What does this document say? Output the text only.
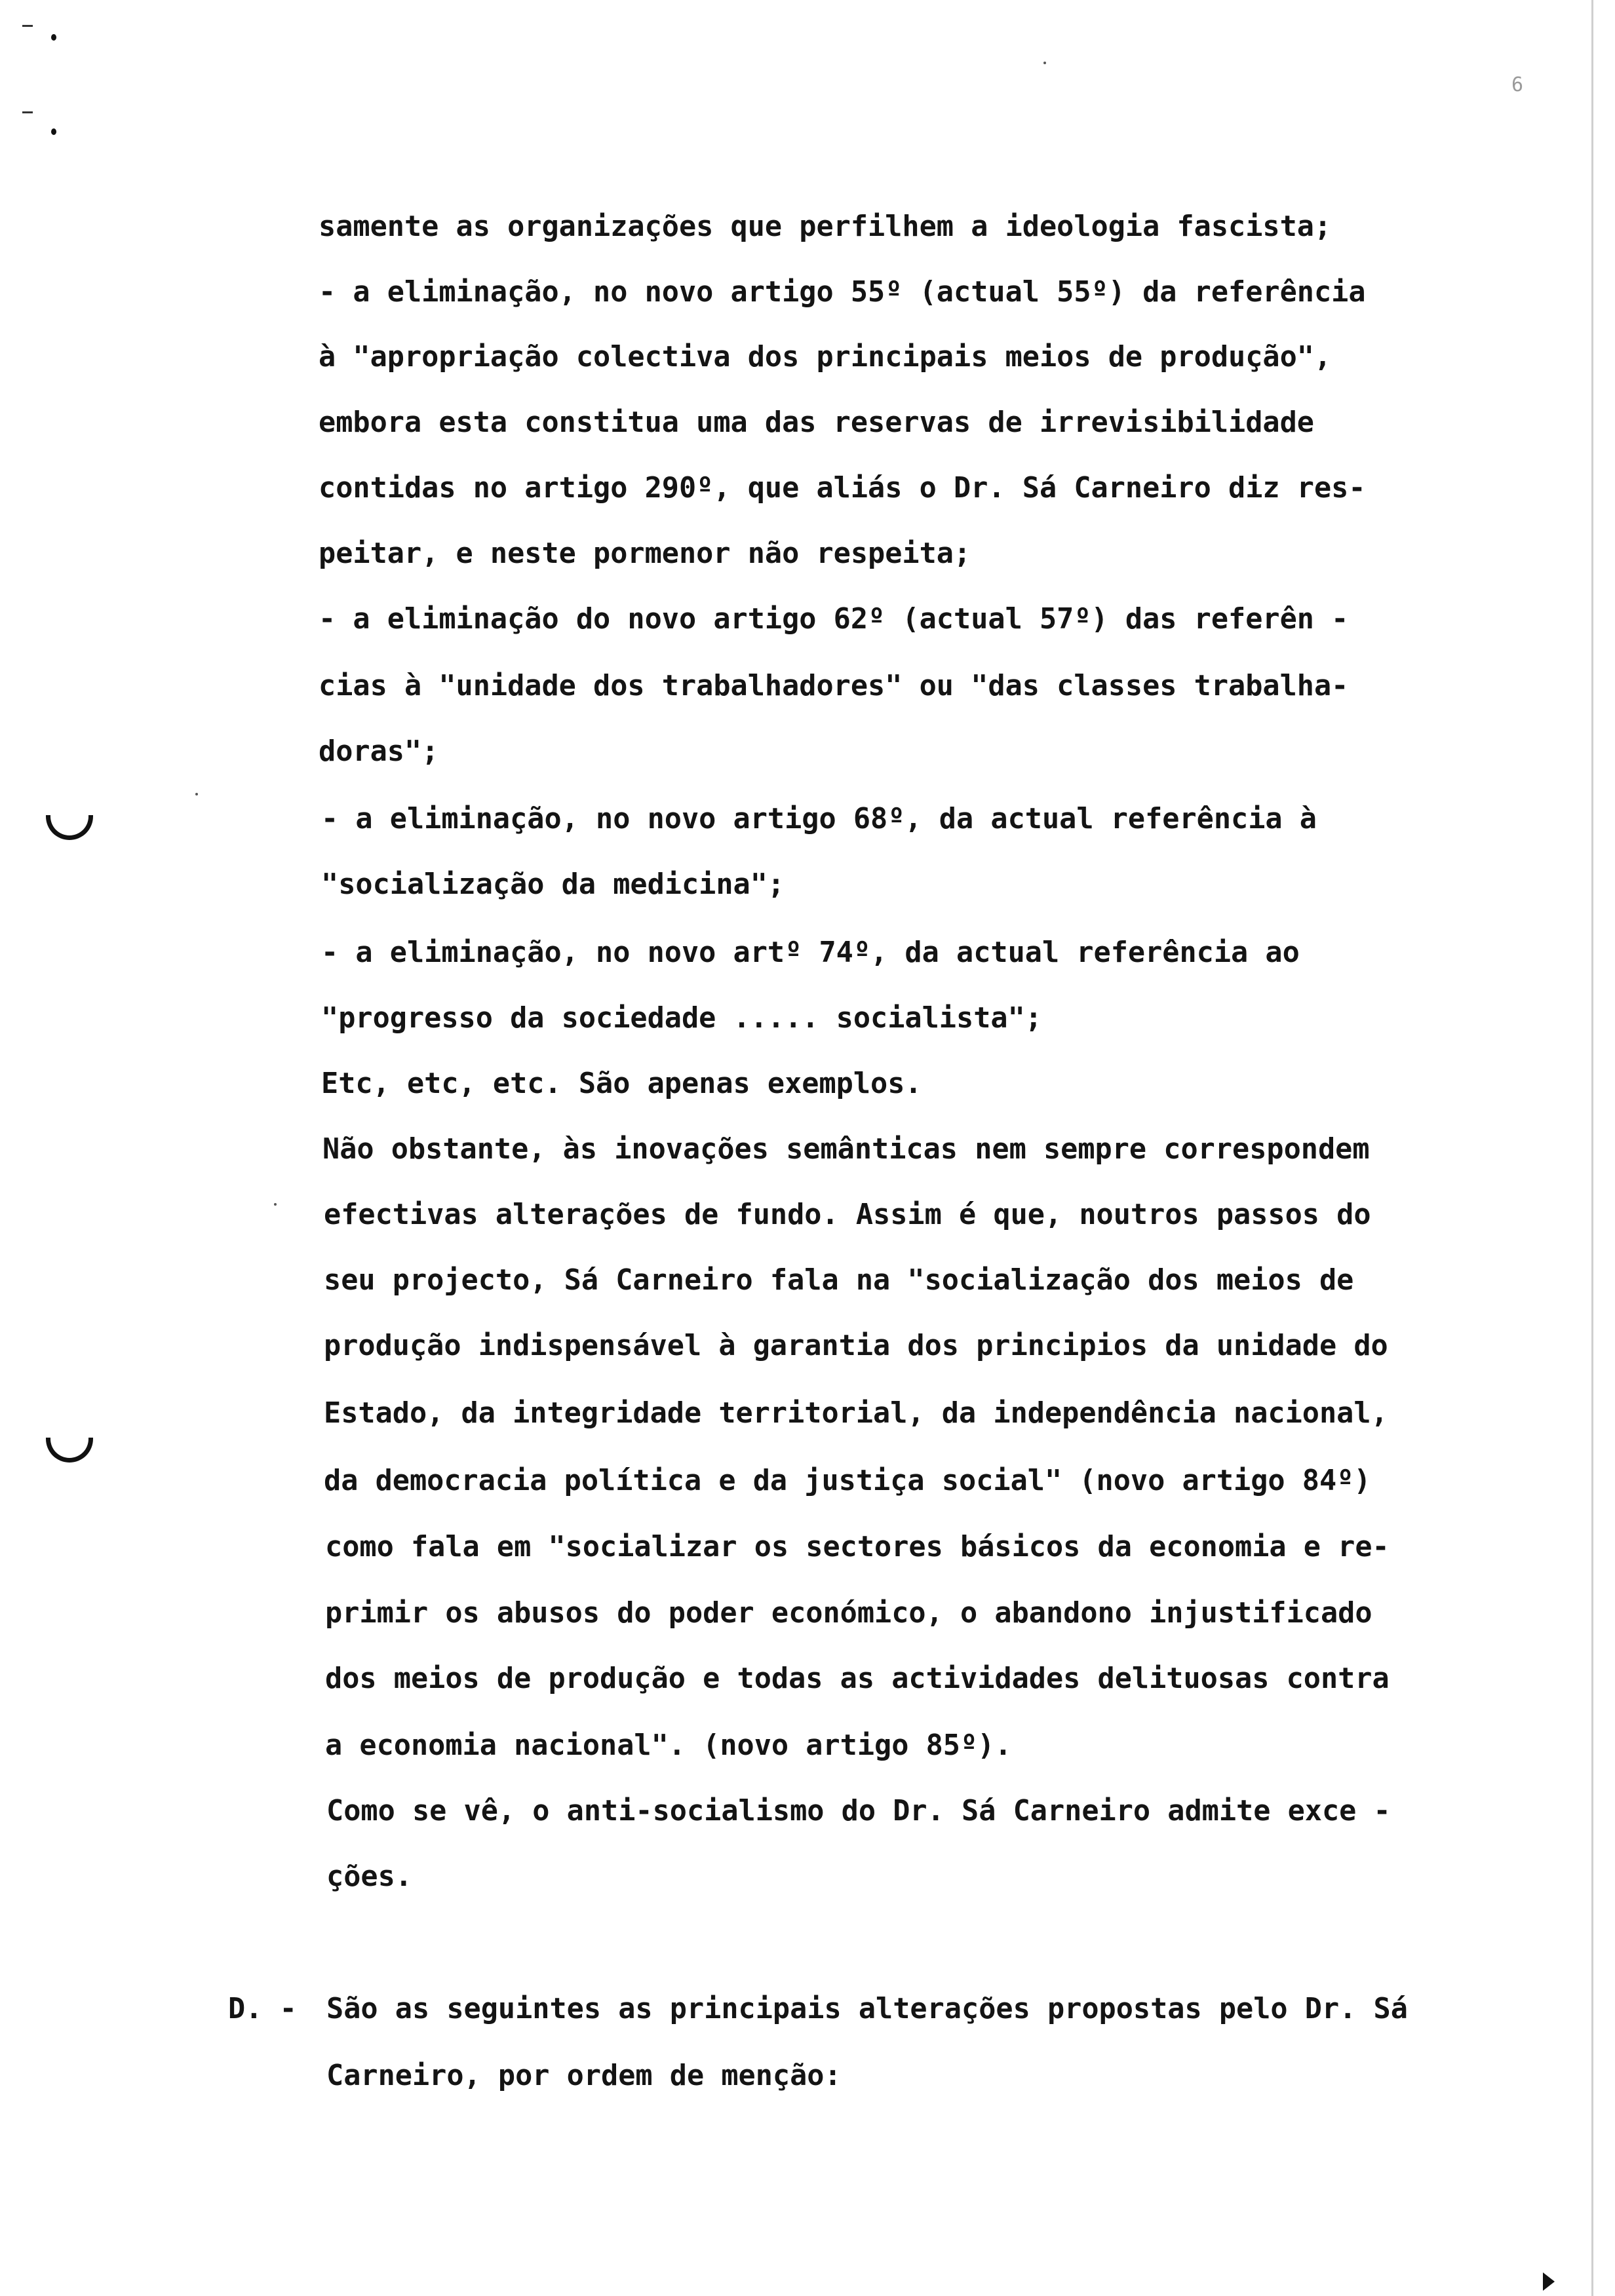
6
samente as organizações que perfilhem a ideologia fascista;
- a eliminação, no novo artigo 55º (actual 55º) da referência
à "apropriação colectiva dos principais meios de produção",
embora esta constitua uma das reservas de irrevisibilidade
contidas no artigo 290º, que aliás o Dr. Sá Carneiro diz res-
peitar, e neste pormenor não respeita;
- a eliminação do novo artigo 62º (actual 57º) das referên -
cias à "unidade dos trabalhadores" ou "das classes trabalha-
doras";
- a eliminação, no novo artigo 68º, da actual referência à
"socialização da medicina";
- a eliminação, no novo artº 74º, da actual referência ao
"progresso da sociedade ..... socialista";
Etc, etc, etc. São apenas exemplos.
Não obstante, às inovações semânticas nem sempre correspondem
efectivas alterações de fundo. Assim é que, noutros passos do
seu projecto, Sá Carneiro fala na "socialização dos meios de
produção indispensável à garantia dos principios da unidade do
Estado, da integridade territorial, da independência nacional,
da democracia política e da justiça social" (novo artigo 84º)
como fala em "socializar os sectores básicos da economia e re-
primir os abusos do poder económico, o abandono injustificado
dos meios de produção e todas as actividades delituosas contra
a economia nacional". (novo artigo 85º).
Como se vê, o anti-socialismo do Dr. Sá Carneiro admite exce -
ções.
D. - São as seguintes as principais alterações propostas pelo Dr. Sá
Carneiro, por ordem de menção:
